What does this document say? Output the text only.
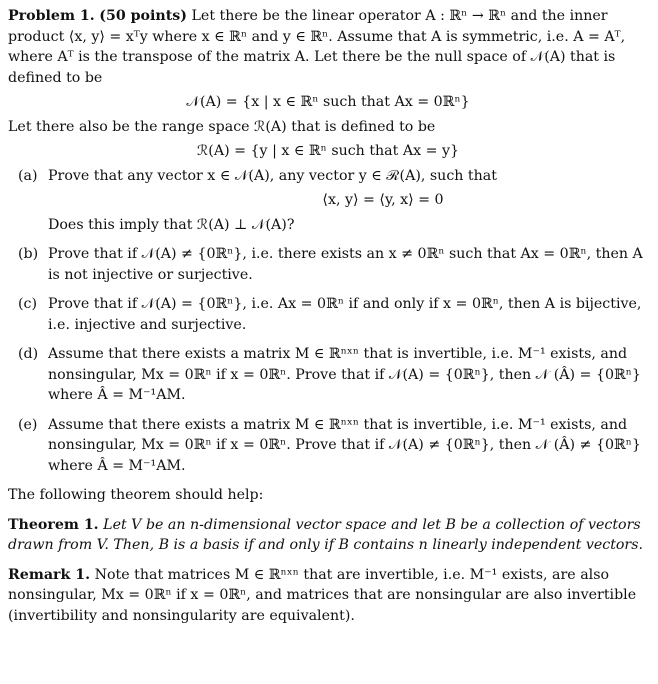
Problem 1. (50 points) Let there be the linear operator A : ℝⁿ → ℝⁿ and the inner

product ⟨x, y⟩ = xᵀy where x ∈ ℝⁿ and y ∈ ℝⁿ. Assume that A is symmetric, i.e. A = Aᵀ,

where Aᵀ is the transpose of the matrix A. Let there be the null space of 𝒩(A) that is

defined to be

𝒩(A) = {x | x ∈ ℝⁿ such that Ax = 0ℝⁿ}

Let there also be the range space ℛ(A) that is defined to be

ℛ(A) = {y | x ∈ ℝⁿ such that Ax = y}

(a) Prove that any vector x ∈ 𝒩(A), any vector y ∈ ℛ(A), such that

⟨x, y⟩ = ⟨y, x⟩ = 0

Does this imply that ℛ(A) ⊥ 𝒩(A)?

(b) Prove that if 𝒩(A) ≠ {0ℝⁿ}, i.e. there exists an x ≠ 0ℝⁿ such that Ax = 0ℝⁿ, then A
is not injective or surjective.
(c) Prove that if 𝒩(A) = {0ℝⁿ}, i.e. Ax = 0ℝⁿ if and only if x = 0ℝⁿ, then A is bijective,
i.e. injective and surjective.
(d) Assume that there exists a matrix M ∈ ℝⁿˣⁿ that is invertible, i.e. M⁻¹ exists, and
nonsingular, Mx = 0ℝⁿ if x = 0ℝⁿ. Prove that if 𝒩(A) = {0ℝⁿ}, then 𝒩 (Â) = {0ℝⁿ}
where Â = M⁻¹AM.
(e) Assume that there exists a matrix M ∈ ℝⁿˣⁿ that is invertible, i.e. M⁻¹ exists, and
nonsingular, Mx = 0ℝⁿ if x = 0ℝⁿ. Prove that if 𝒩(A) ≠ {0ℝⁿ}, then 𝒩 (Â) ≠ {0ℝⁿ}
where Â = M⁻¹AM.

The following theorem should help:

Theorem 1. Let V be an n-dimensional vector space and let B be a collection of vectors

drawn from V. Then, B is a basis if and only if B contains n linearly independent vectors.

Remark 1. Note that matrices M ∈ ℝⁿˣⁿ that are invertible, i.e. M⁻¹ exists, are also

nonsingular, Mx = 0ℝⁿ if x = 0ℝⁿ, and matrices that are nonsingular are also invertible

(invertibility and nonsingularity are equivalent).
